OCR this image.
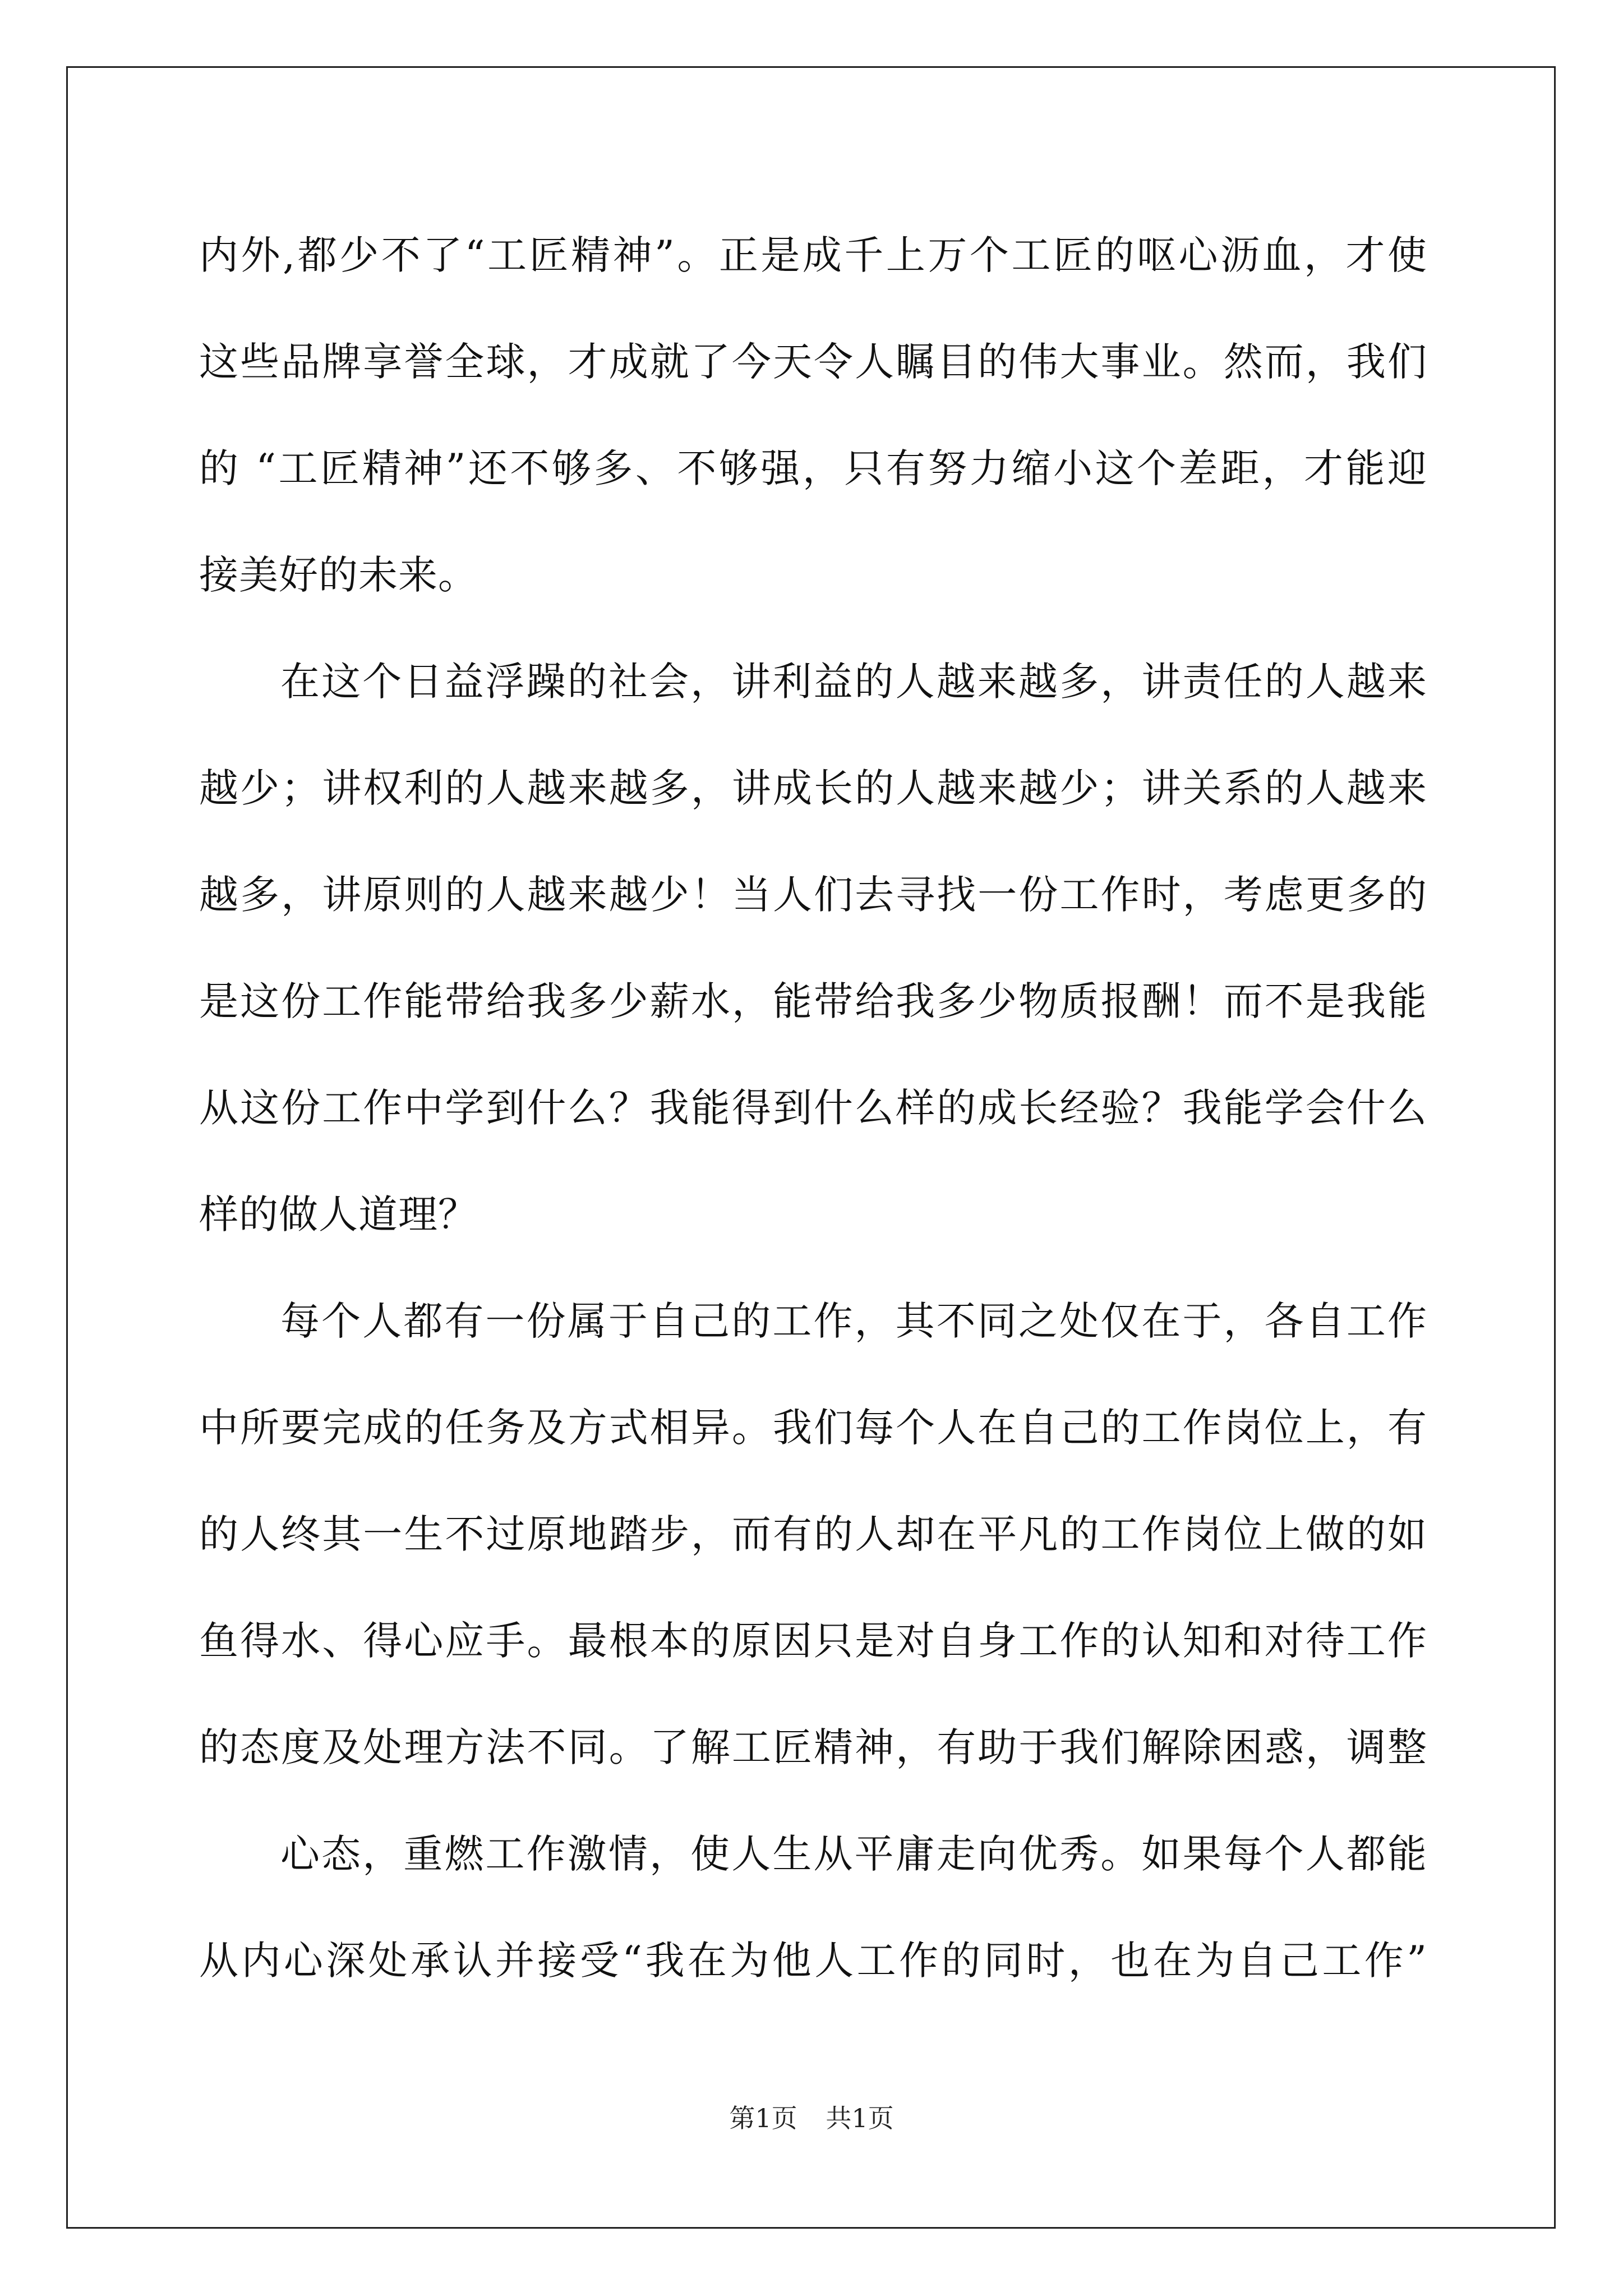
内外,都少不了“工匠精神”。正是成千上万个工匠的呕心沥血，才使
这些品牌享誉全球，才成就了今天令人瞩目的伟大事业。然而，我们
的 “工匠精神”还不够多、不够强，只有努力缩小这个差距，才能迎
接美好的未来。
在这个日益浮躁的社会，讲利益的人越来越多，讲责任的人越来
越少；讲权利的人越来越多，讲成长的人越来越少；讲关系的人越来
越多，讲原则的人越来越少！当人们去寻找一份工作时，考虑更多的
是这份工作能带给我多少薪水，能带给我多少物质报酬！而不是我能
从这份工作中学到什么？我能得到什么样的成长经验？我能学会什么
样的做人道理？
每个人都有一份属于自己的工作，其不同之处仅在于，各自工作
中所要完成的任务及方式相异。我们每个人在自己的工作岗位上，有
的人终其一生不过原地踏步，而有的人却在平凡的工作岗位上做的如
鱼得水、得心应手。最根本的原因只是对自身工作的认知和对待工作
的态度及处理方法不同。了解工匠精神，有助于我们解除困惑，调整
心态，重燃工作激情，使人生从平庸走向优秀。如果每个人都能
从内心深处承认并接受“我在为他人工作的同时，也在为自己工作”
第1页 共1页
